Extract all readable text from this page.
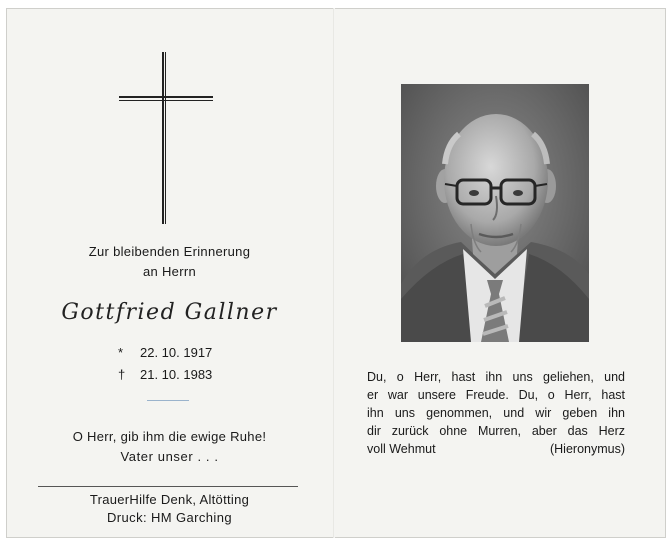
Zur bleibenden Erinnerung
an Herrn
Gottfried Gallner
* 22. 10. 1917
† 21. 10. 1983
O Herr, gib ihm die ewige Ruhe!
Vater unser . . .
TrauerHilfe Denk, Altötting
Druck: HM Garching
Du, o Herr, hast ihn uns geliehen, und
er war unsere Freude. Du, o Herr, hast
ihn uns genommen, und wir geben ihn
dir zurück ohne Murren, aber das Herz
voll Wehmut	(Hieronymus)
